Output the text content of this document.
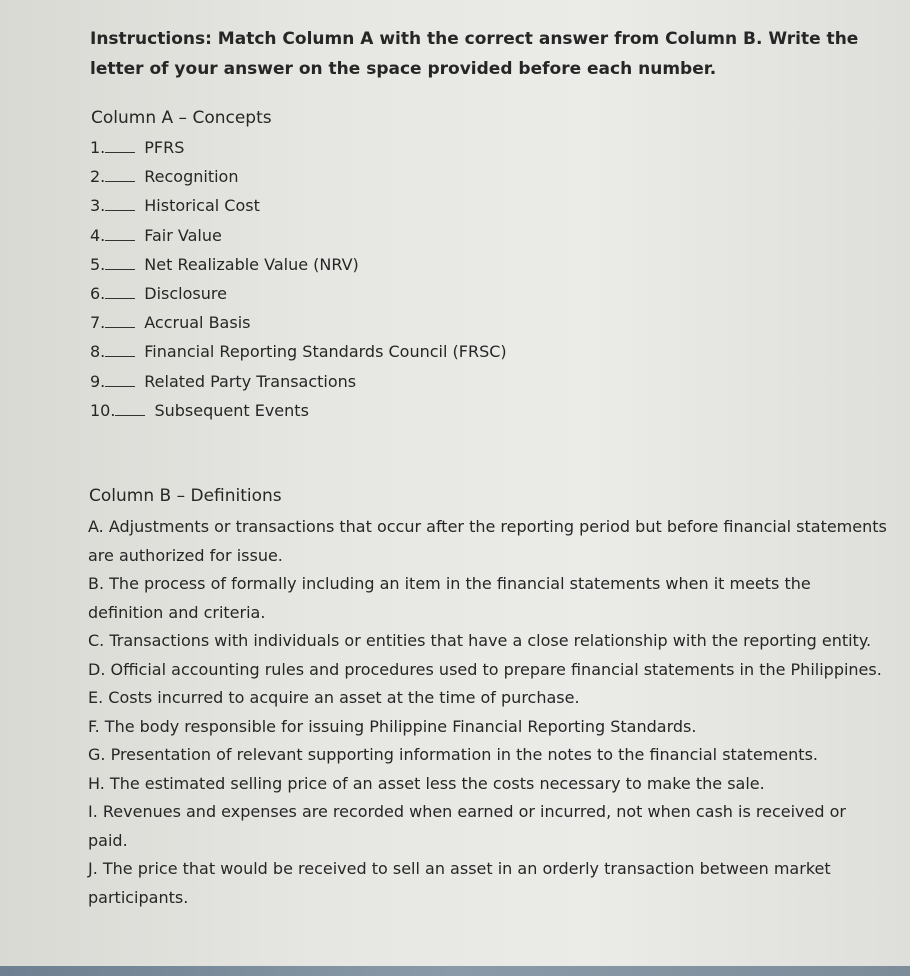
Instructions: Match Column A with the correct answer from Column B. Write the letter of your answer on the space provided before each number.
Column A – Concepts
1. PFRS
2. Recognition
3. Historical Cost
4. Fair Value
5. Net Realizable Value (NRV)
6. Disclosure
7. Accrual Basis
8. Financial Reporting Standards Council (FRSC)
9. Related Party Transactions
10. Subsequent Events
Column B – Definitions
A. Adjustments or transactions that occur after the reporting period but before financial statements are authorized for issue.
B. The process of formally including an item in the financial statements when it meets the definition and criteria.
C. Transactions with individuals or entities that have a close relationship with the reporting entity.
D. Official accounting rules and procedures used to prepare financial statements in the Philippines.
E. Costs incurred to acquire an asset at the time of purchase.
F. The body responsible for issuing Philippine Financial Reporting Standards.
G. Presentation of relevant supporting information in the notes to the financial statements.
H. The estimated selling price of an asset less the costs necessary to make the sale.
I. Revenues and expenses are recorded when earned or incurred, not when cash is received or paid.
J. The price that would be received to sell an asset in an orderly transaction between market participants.
